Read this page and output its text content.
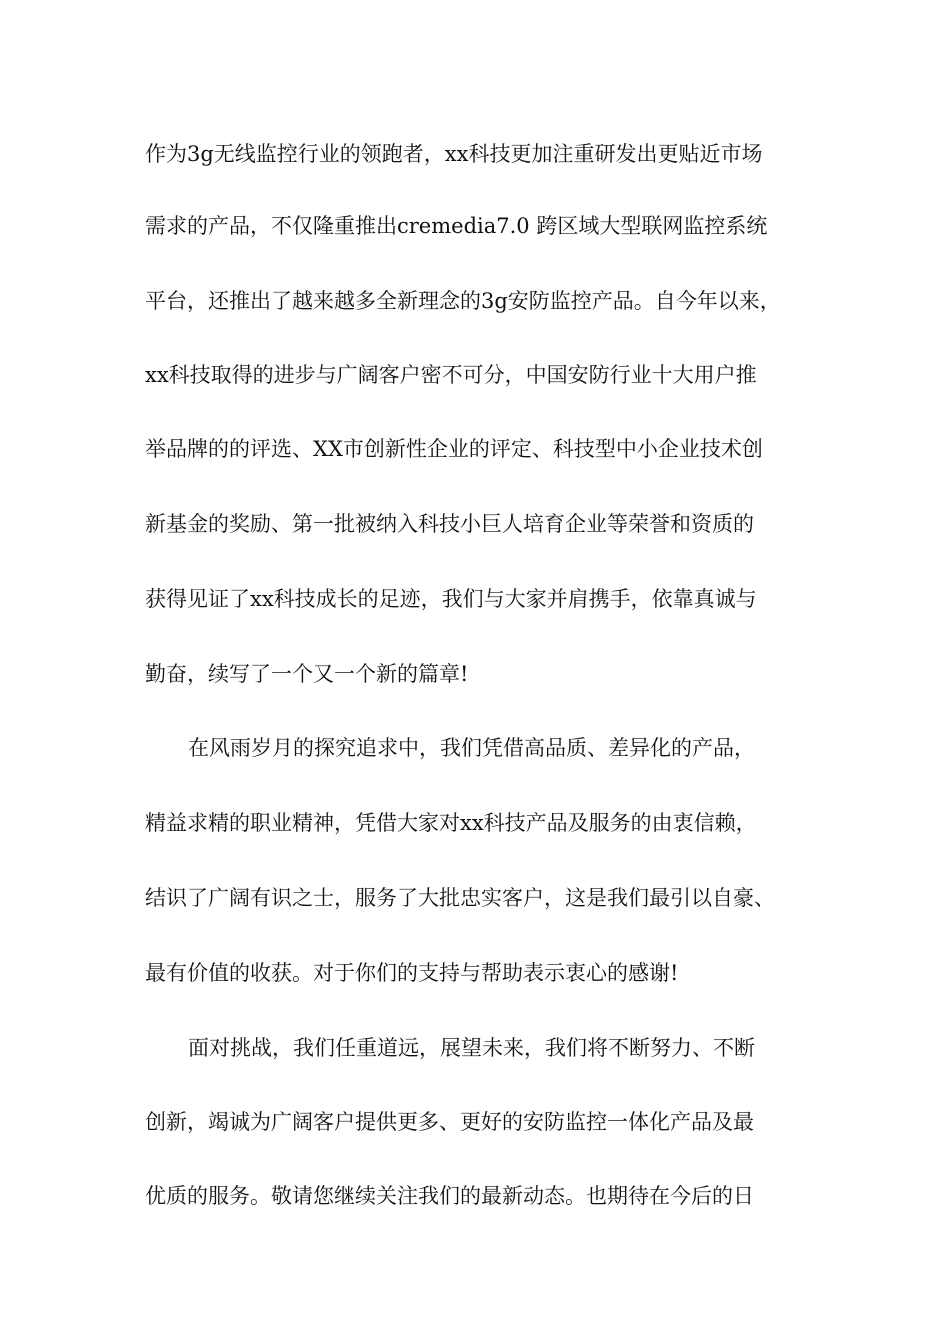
作为3g无线监控行业的领跑者，xx科技更加注重研发出更贴近市场
需求的产品，不仅隆重推出cremedia7.0 跨区域大型联网监控系统
平台，还推出了越来越多全新理念的3g安防监控产品。自今年以来，
xx科技取得的进步与广阔客户密不可分，中国安防行业十大用户推
举品牌的的评选、XX市创新性企业的评定、科技型中小企业技术创
新基金的奖励、第一批被纳入科技小巨人培育企业等荣誉和资质的
获得见证了xx科技成长的足迹，我们与大家并肩携手，依靠真诚与
勤奋，续写了一个又一个新的篇章!
在风雨岁月的探究追求中，我们凭借高品质、差异化的产品，
精益求精的职业精神，凭借大家对xx科技产品及服务的由衷信赖，
结识了广阔有识之士，服务了大批忠实客户，这是我们最引以自豪、
最有价值的收获。对于你们的支持与帮助表示衷心的感谢!
面对挑战，我们任重道远，展望未来，我们将不断努力、不断
创新，竭诚为广阔客户提供更多、更好的安防监控一体化产品及最
优质的服务。敬请您继续关注我们的最新动态。也期待在今后的日
